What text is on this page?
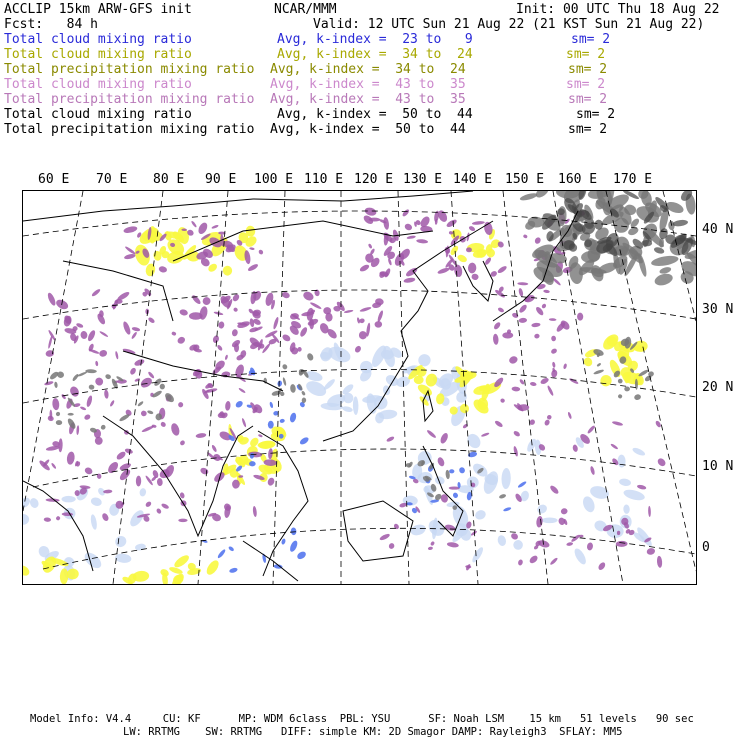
ACCLIP 15km ARW-GFS init	NCAR/MMM	Init: 00 UTC Thu 18 Aug 22
Fcst:   84 h	Valid: 12 UTC Sun 21 Aug 22 (21 KST Sun 21 Aug 22)
Total cloud mixing ratio	Avg, k-index =  23 to   9	sm= 2
Total cloud mixing ratio	Avg, k-index =  34 to  24	sm= 2
Total precipitation mixing ratio Avg, k-index =  34 to  24	sm= 2
Total cloud mixing ratio	Avg, k-index =  43 to  35	sm= 2
Total precipitation mixing ratio Avg, k-index =  43 to  35	sm= 2
Total cloud mixing ratio	Avg, k-index =  50 to  44	sm= 2
Total precipitation mixing ratio Avg, k-index =  50 to  44	sm= 2
60 E 70 E 80 E 90 E 100 E 110 E 120 E 130 E 140 E 150 E 160 E 170 E
40 N
30 N
20 N
10 N
0
Model Info: V4.4     CU: KF      MP: WDM 6class  PBL: YSU      SF: Noah LSM    15 km   51 levels   90 sec
LW: RRTMG    SW: RRTMG   DIFF: simple KM: 2D Smagor DAMP: Rayleigh3  SFLAY: MM5
